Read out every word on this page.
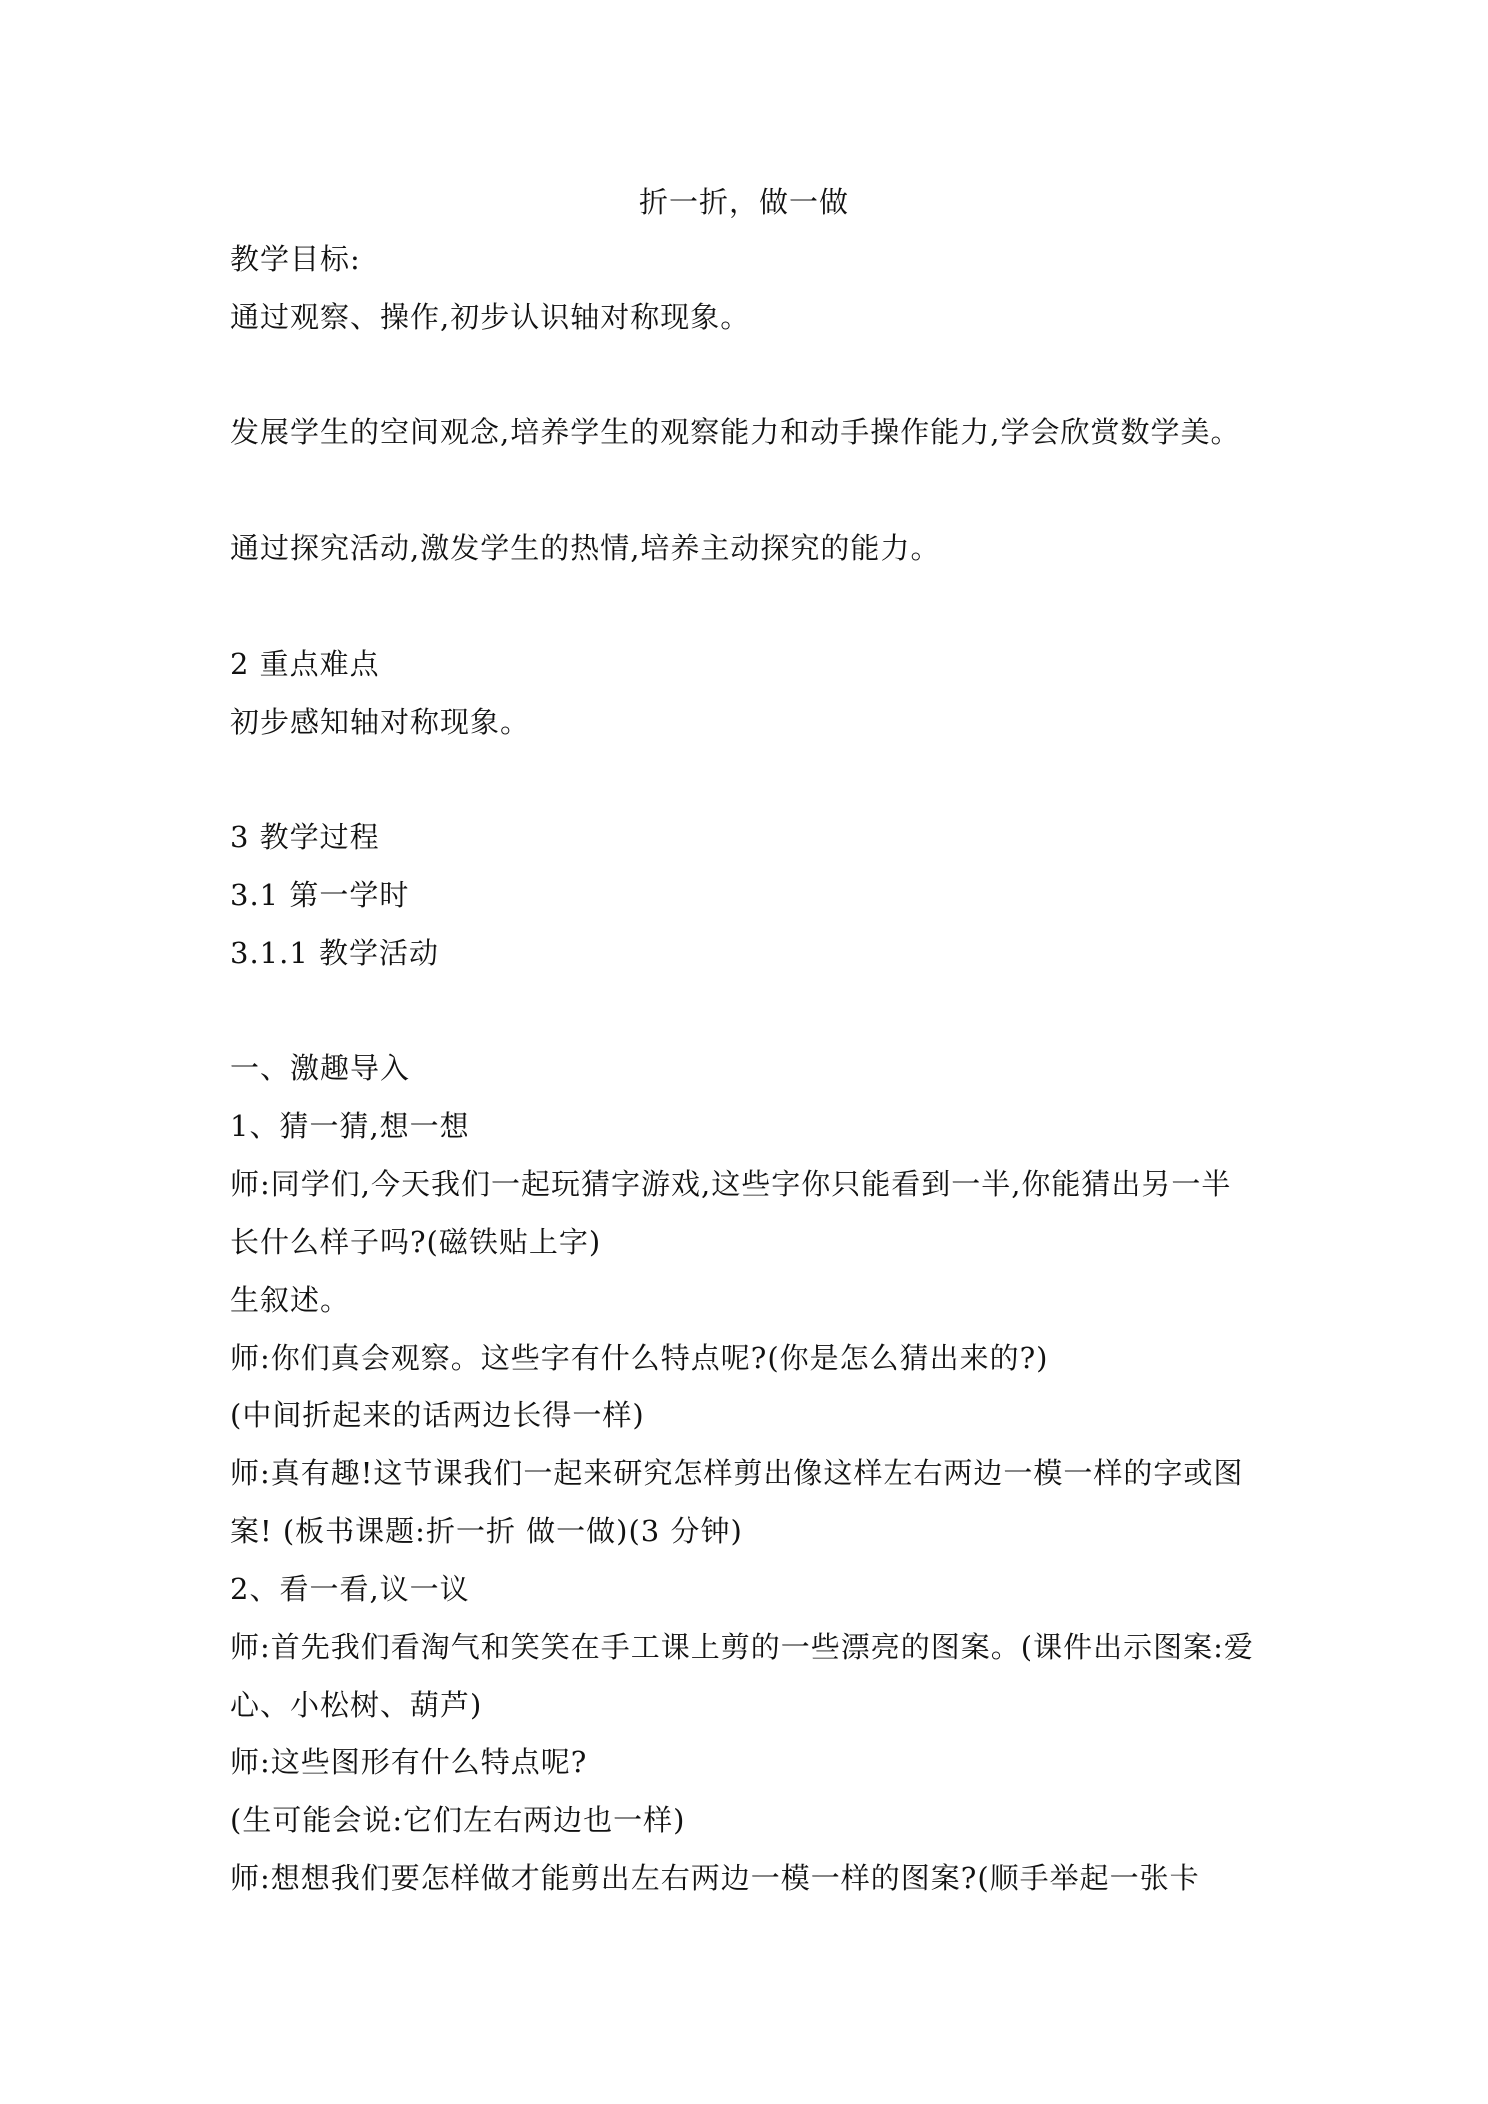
折一折，做一做
教学目标:
通过观察、操作,初步认识轴对称现象。
发展学生的空间观念,培养学生的观察能力和动手操作能力,学会欣赏数学美。
通过探究活动,激发学生的热情,培养主动探究的能力。
2 重点难点
初步感知轴对称现象。
3 教学过程
3.1 第一学时
3.1.1 教学活动
一、激趣导入
1、猜一猜,想一想
师:同学们,今天我们一起玩猜字游戏,这些字你只能看到一半,你能猜出另一半
长什么样子吗?(磁铁贴上字)
生叙述。
师:你们真会观察。这些字有什么特点呢?(你是怎么猜出来的?)
(中间折起来的话两边长得一样)
师:真有趣!这节课我们一起来研究怎样剪出像这样左右两边一模一样的字或图
案! (板书课题:折一折 做一做)(3 分钟)
2、看一看,议一议
师:首先我们看淘气和笑笑在手工课上剪的一些漂亮的图案。(课件出示图案:爱
心、小松树、葫芦)
师:这些图形有什么特点呢?
(生可能会说:它们左右两边也一样)
师:想想我们要怎样做才能剪出左右两边一模一样的图案?(顺手举起一张卡
